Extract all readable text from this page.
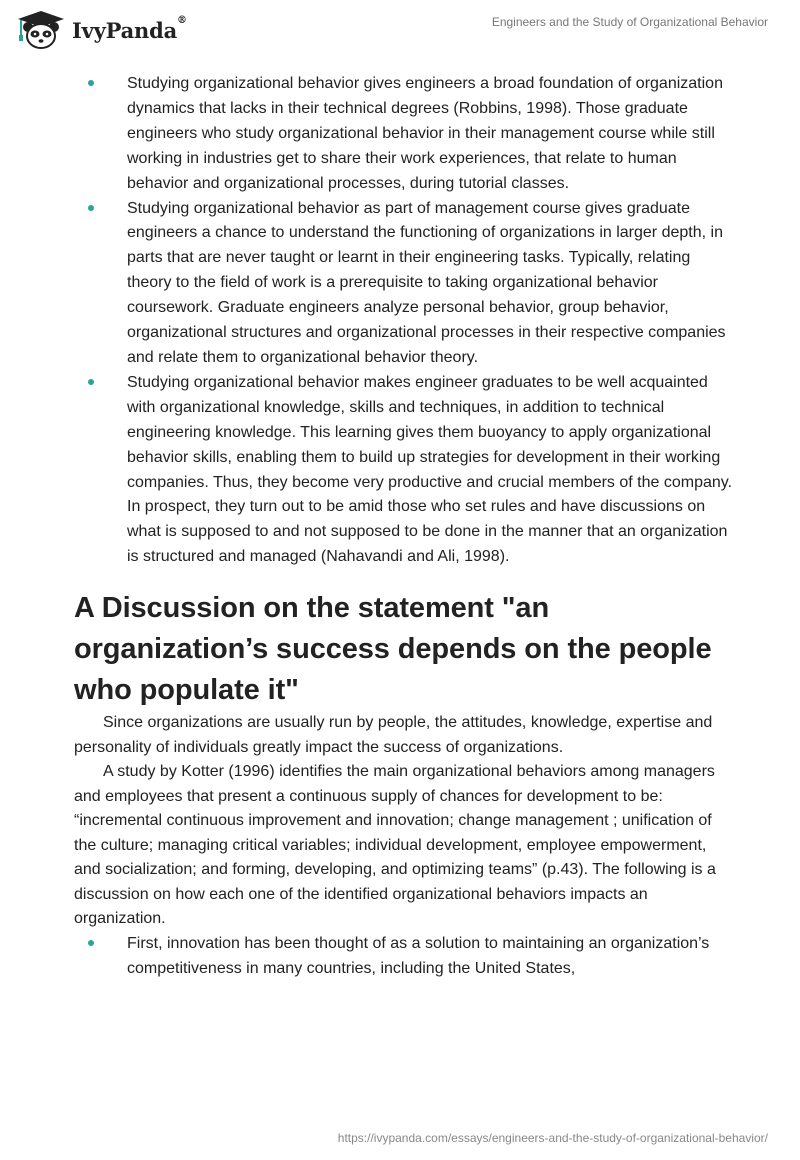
IvyPanda®	Engineers and the Study of Organizational Behavior
Studying organizational behavior gives engineers a broad foundation of organization dynamics that lacks in their technical degrees (Robbins, 1998). Those graduate engineers who study organizational behavior in their management course while still working in industries get to share their work experiences, that relate to human behavior and organizational processes, during tutorial classes.
Studying organizational behavior as part of management course gives graduate engineers a chance to understand the functioning of organizations in larger depth, in parts that are never taught or learnt in their engineering tasks. Typically, relating theory to the field of work is a prerequisite to taking organizational behavior coursework. Graduate engineers analyze personal behavior, group behavior, organizational structures and organizational processes in their respective companies and relate them to organizational behavior theory.
Studying organizational behavior makes engineer graduates to be well acquainted with organizational knowledge, skills and techniques, in addition to technical engineering knowledge. This learning gives them buoyancy to apply organizational behavior skills, enabling them to build up strategies for development in their working companies. Thus, they become very productive and crucial members of the company. In prospect, they turn out to be amid those who set rules and have discussions on what is supposed to and not supposed to be done in the manner that an organization is structured and managed (Nahavandi and Ali, 1998).
A Discussion on the statement "an organization’s success depends on the people who populate it"

Since organizations are usually run by people, the attitudes, knowledge, expertise and personality of individuals greatly impact the success of organizations.

A study by Kotter (1996) identifies the main organizational behaviors among managers and employees that present a continuous supply of chances for development to be: “incremental continuous improvement and innovation; change management ; unification of the culture; managing critical variables; individual development, employee empowerment, and socialization; and forming, developing, and optimizing teams” (p.43). The following is a discussion on how each one of the identified organizational behaviors impacts an organization.

First, innovation has been thought of as a solution to maintaining an organization’s competitiveness in many countries, including the United States,
https://ivypanda.com/essays/engineers-and-the-study-of-organizational-behavior/
